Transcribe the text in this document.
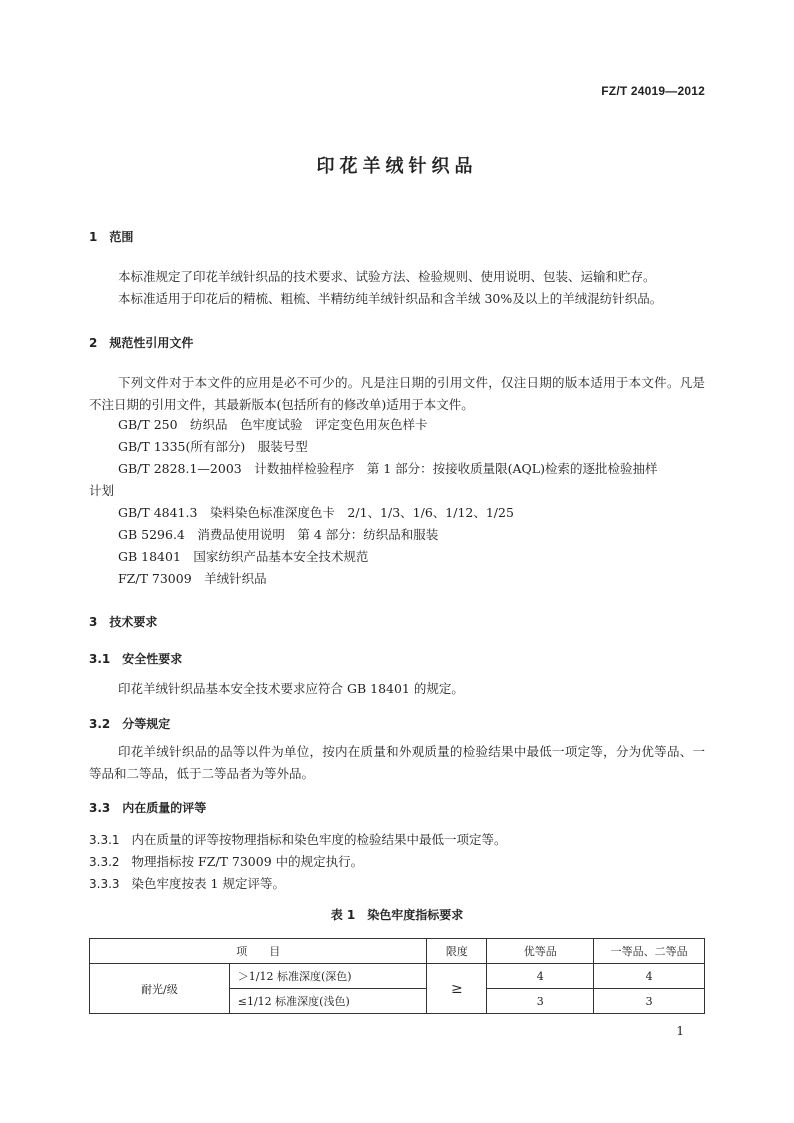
FZ/T 24019—2012
印花羊绒针织品
1 范围
本标准规定了印花羊绒针织品的技术要求、试验方法、检验规则、使用说明、包装、运输和贮存。
本标准适用于印花后的精梳、粗梳、半精纺纯羊绒针织品和含羊绒 30%及以上的羊绒混纺针织品。
2 规范性引用文件
下列文件对于本文件的应用是必不可少的。凡是注日期的引用文件，仅注日期的版本适用于本文件。凡是不注日期的引用文件，其最新版本(包括所有的修改单)适用于本文件。
GB/T 250　纺织品　色牢度试验　评定变色用灰色样卡
GB/T 1335(所有部分)　服装号型
GB/T 2828.1—2003　计数抽样检验程序　第 1 部分：按接收质量限(AQL)检索的逐批检验抽样
计划
GB/T 4841.3　染料染色标准深度色卡　2/1、1/3、1/6、1/12、1/25
GB 5296.4　消费品使用说明　第 4 部分：纺织品和服装
GB 18401　国家纺织产品基本安全技术规范
FZ/T 73009　羊绒针织品
3 技术要求
3.1 安全性要求
印花羊绒针织品基本安全技术要求应符合 GB 18401 的规定。
3.2 分等规定
印花羊绒针织品的品等以件为单位，按内在质量和外观质量的检验结果中最低一项定等，分为优等品、一等品和二等品，低于二等品者为等外品。
3.3 内在质量的评等
3.3.1 内在质量的评等按物理指标和染色牢度的检验结果中最低一项定等。
3.3.2 物理指标按 FZ/T 73009 中的规定执行。
3.3.3 染色牢度按表 1 规定评等。
表 1　染色牢度指标要求
项　　目		限度	优等品	一等品、二等品
耐光/级	＞1/12 标准深度(深色)	≥	4	4
	≤1/12 标准深度(浅色)		3	3
1
